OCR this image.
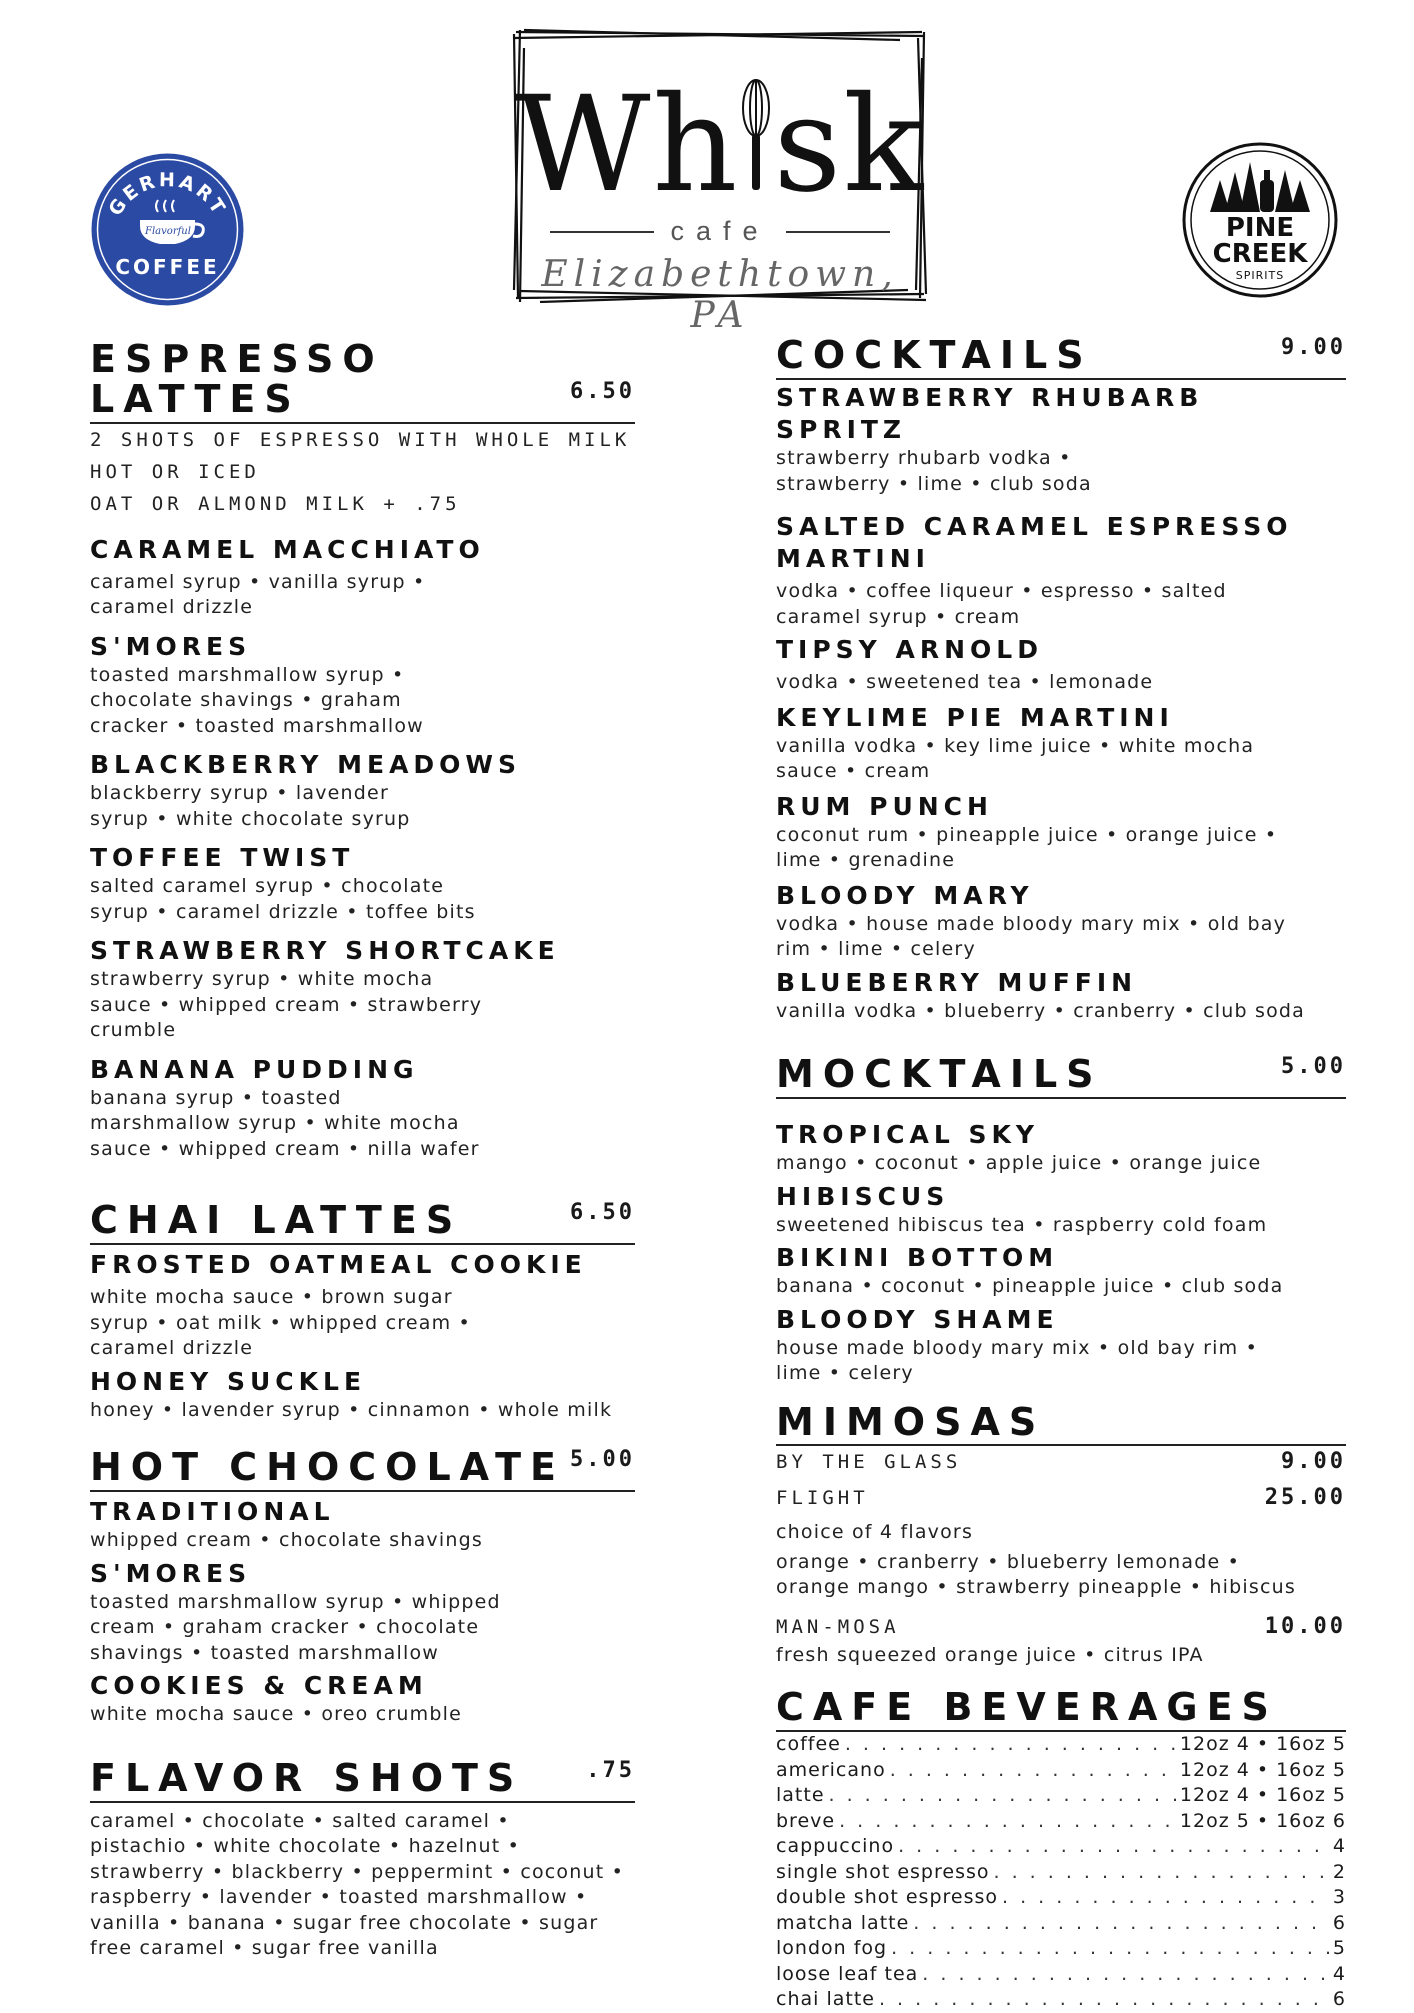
GERHART
Flavorful
COFFEE
Wh sk
cafe
Elizabethtown, PA
PINE
CREEK
SPIRITS
ESPRESSO LATTES	6.50
2 SHOTS OF ESPRESSO WITH WHOLE MILK
HOT OR ICED
OAT OR ALMOND MILK + .75
CARAMEL MACCHIATO
caramel syrup • vanilla syrup •
caramel drizzle
S'MORES
toasted marshmallow syrup •
chocolate shavings • graham
cracker • toasted marshmallow
BLACKBERRY MEADOWS
blackberry syrup • lavender
syrup • white chocolate syrup
TOFFEE TWIST
salted caramel syrup • chocolate
syrup • caramel drizzle • toffee bits
STRAWBERRY SHORTCAKE
strawberry syrup • white mocha
sauce • whipped cream • strawberry
crumble
BANANA PUDDING
banana syrup • toasted
marshmallow syrup • white mocha
sauce • whipped cream • nilla wafer
CHAI LATTES	6.50
FROSTED OATMEAL COOKIE
white mocha sauce • brown sugar
syrup • oat milk • whipped cream •
caramel drizzle
HONEY SUCKLE
honey • lavender syrup • cinnamon • whole milk
HOT CHOCOLATE 5.00
TRADITIONAL
whipped cream • chocolate shavings
S'MORES
toasted marshmallow syrup • whipped
cream • graham cracker • chocolate
shavings • toasted marshmallow
COOKIES & CREAM
white mocha sauce • oreo crumble
FLAVOR SHOTS	.75
caramel • chocolate • salted caramel •
pistachio • white chocolate • hazelnut •
strawberry • blackberry • peppermint • coconut •
raspberry • lavender • toasted marshmallow •
vanilla • banana • sugar free chocolate • sugar
free caramel • sugar free vanilla
COCKTAILS	9.00
STRAWBERRY RHUBARB SPRITZ
strawberry rhubarb vodka •
strawberry • lime • club soda
SALTED CARAMEL ESPRESSO MARTINI
vodka • coffee liqueur • espresso • salted
caramel syrup • cream
TIPSY ARNOLD
vodka • sweetened tea • lemonade
KEYLIME PIE MARTINI
vanilla vodka • key lime juice • white mocha
sauce • cream
RUM PUNCH
coconut rum • pineapple juice • orange juice •
lime • grenadine
BLOODY MARY
vodka • house made bloody mary mix • old bay
rim • lime • celery
BLUEBERRY MUFFIN
vanilla vodka • blueberry • cranberry • club soda
MOCKTAILS	5.00
TROPICAL SKY
mango • coconut • apple juice • orange juice
HIBISCUS
sweetened hibiscus tea • raspberry cold foam
BIKINI BOTTOM
banana • coconut • pineapple juice • club soda
BLOODY SHAME
house made bloody mary mix • old bay rim •
lime • celery
MIMOSAS
BY THE GLASS	9.00
FLIGHT	25.00
choice of 4 flavors
orange • cranberry • blueberry lemonade •
orange mango • strawberry pineapple • hibiscus
MAN-MOSA	10.00
fresh squeezed orange juice • citrus IPA
CAFE BEVERAGES
coffee . . .	12oz 4 • 16oz 5
americano . . .	12oz 4 • 16oz 5
latte . . .	12oz 4 • 16oz 5
breve . . .	12oz 5 • 16oz 6
cappuccino . . .	4
single shot espresso . . .	2
double shot espresso . . .	3
matcha latte . . .	6
london fog . . .	5
loose leaf tea . . .	4
chai latte . . .	6
